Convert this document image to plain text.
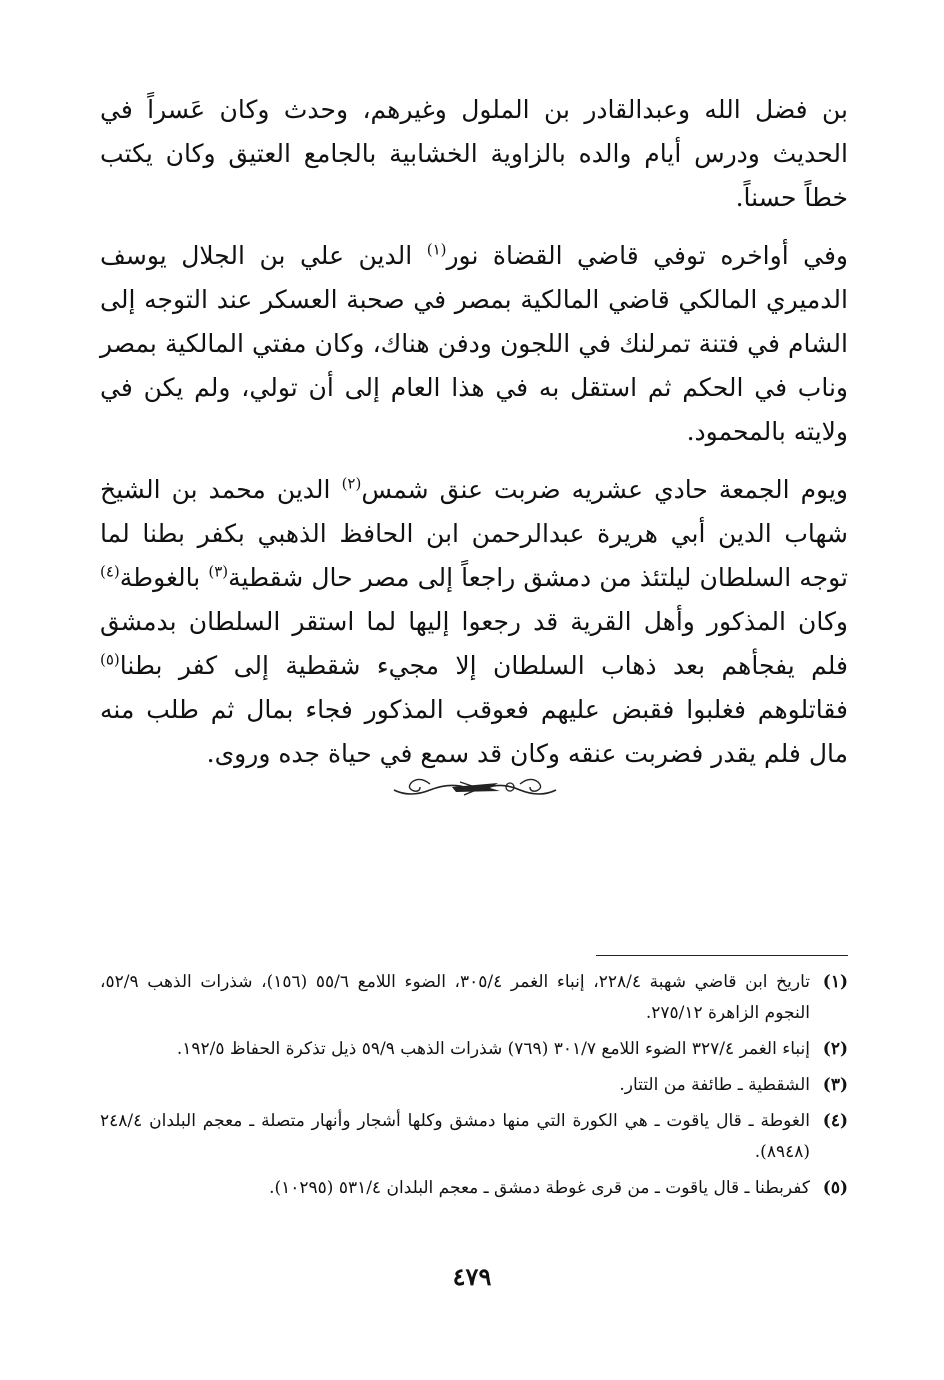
بن فضل الله وعبدالقادر بن الملول وغيرهم، وحدث وكان عَسراً في الحديث ودرس أيام والده بالزاوية الخشابية بالجامع العتيق وكان يكتب خطاً حسناً.

وفي أواخره توفي قاضي القضاة نور$^{(١)}$ الدين علي بن الجلال يوسف الدميري المالكي قاضي المالكية بمصر في صحبة العسكر عند التوجه إلى الشام في فتنة تمرلنك في اللجون ودفن هناك، وكان مفتي المالكية بمصر وناب في الحكم ثم استقل به في هذا العام إلى أن تولي، ولم يكن في ولايته بالمحمود.

ويوم الجمعة حادي عشريه ضربت عنق شمس$^{(٢)}$ الدين محمد بن الشيخ شهاب الدين أبي هريرة عبدالرحمن ابن الحافظ الذهبي بكفر بطنا لما توجه السلطان ليلتئذ من دمشق راجعاً إلى مصر حال شقطية$^{(٣)}$ بالغوطة$^{(٤)}$ وكان المذكور وأهل القرية قد رجعوا إليها لما استقر السلطان بدمشق فلم يفجأهم بعد ذهاب السلطان إلا مجيء شقطية إلى كفر بطنا$^{(٥)}$ فقاتلوهم فغلبوا فقبض عليهم فعوقب المذكور فجاء بمال ثم طلب منه مال فلم يقدر فضربت عنقه وكان قد سمع في حياة جده وروى.

(١)
تاريخ ابن قاضي شهبة ٢٢٨/٤، إنباء الغمر ٣٠٥/٤، الضوء اللامع ٥٥/٦ (١٥٦)، شذرات الذهب ٥٢/٩، النجوم الزاهرة ٢٧٥/١٢.
(٢)
إنباء الغمر ٣٢٧/٤ الضوء اللامع ٣٠١/٧ (٧٦٩) شذرات الذهب ٥٩/٩ ذيل تذكرة الحفاظ ١٩٢/٥.
(٣)
الشقطية ـ طائفة من التتار.
(٤)
الغوطة ـ قال ياقوت ـ هي الكورة التي منها دمشق وكلها أشجار وأنهار متصلة ـ معجم البلدان ٢٤٨/٤ (٨٩٤٨).
(٥)
كفربطنا ـ قال ياقوت ـ من قرى غوطة دمشق ـ معجم البلدان ٥٣١/٤ (١٠٢٩٥).
٤٧٩
